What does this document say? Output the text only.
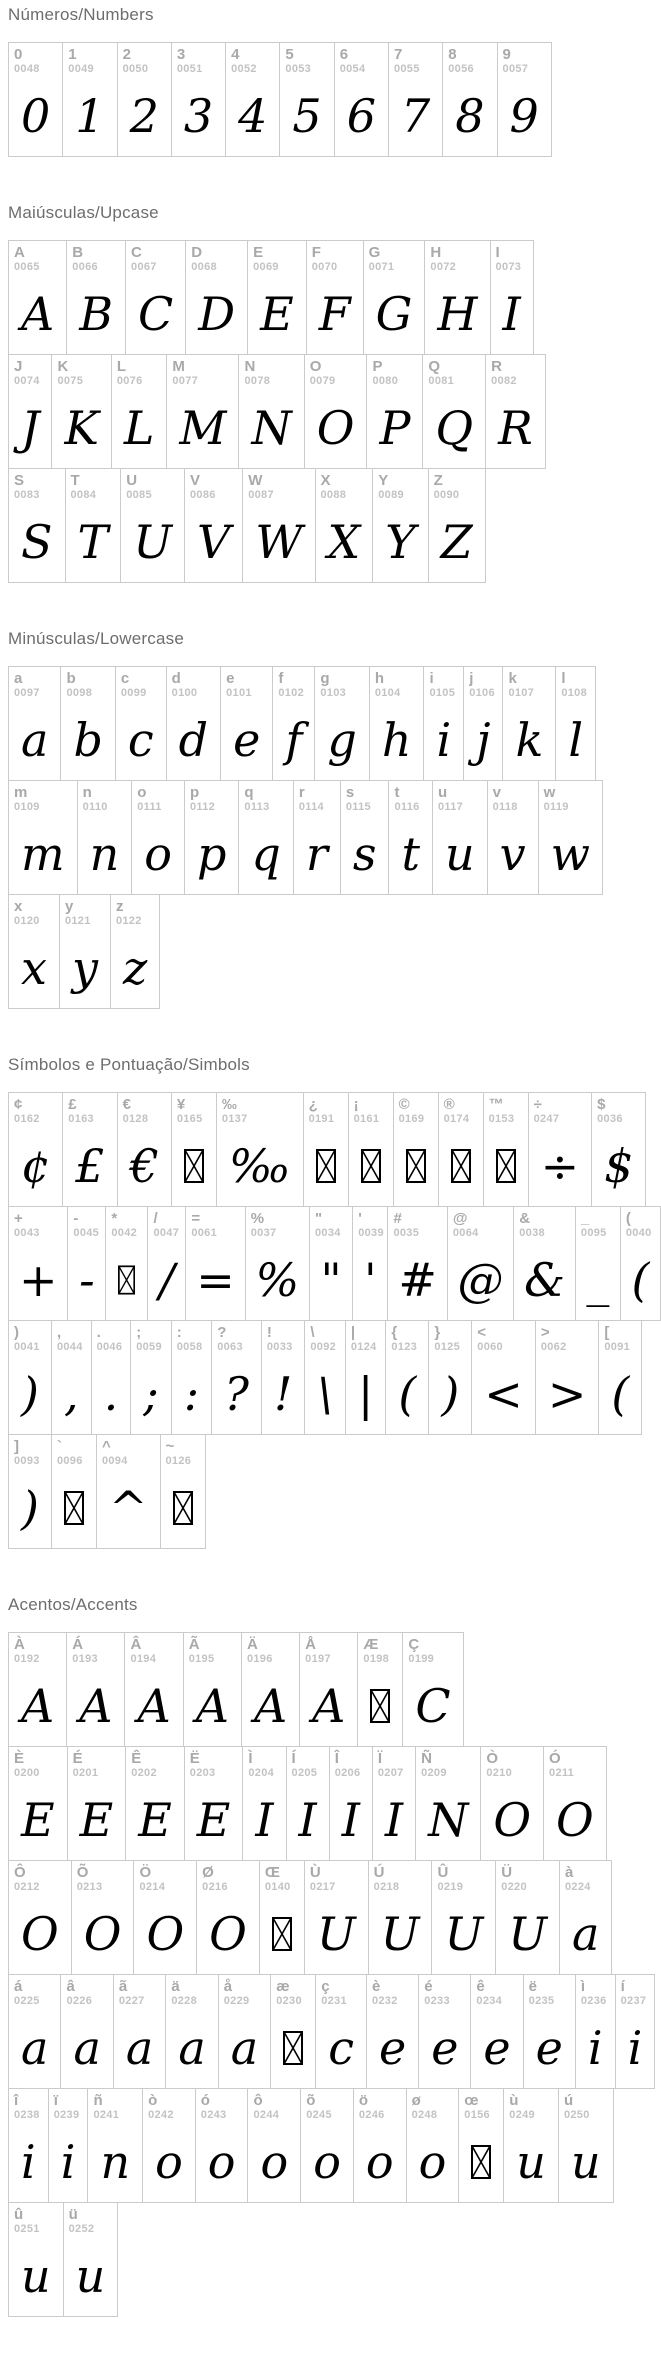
Números/Numbers
0
0048
0
1
0049
1
2
0050
2
3
0051
3
4
0052
4
5
0053
5
6
0054
6
7
0055
7
8
0056
8
9
0057
9
Maiúsculas/Upcase
A
0065
A
B
0066
B
C
0067
C
D
0068
D
E
0069
E
F
0070
F
G
0071
G
H
0072
H
I
0073
I
J
0074
J
K
0075
K
L
0076
L
M
0077
M
N
0078
N
O
0079
O
P
0080
P
Q
0081
Q
R
0082
R
S
0083
S
T
0084
T
U
0085
U
V
0086
V
W
0087
W
X
0088
X
Y
0089
Y
Z
0090
Z
Minúsculas/Lowercase
a
0097
a
b
0098
b
c
0099
c
d
0100
d
e
0101
e
f
0102
f
g
0103
g
h
0104
h
i
0105
i
j
0106
j
k
0107
k
l
0108
l
m
0109
m
n
0110
n
o
0111
o
p
0112
p
q
0113
q
r
0114
r
s
0115
s
t
0116
t
u
0117
u
v
0118
v
w
0119
w
x
0120
x
y
0121
y
z
0122
z
Símbolos e Pontuação/Simbols
¢
0162
¢
£
0163
£
€
0128
€
¥
0165
‰
0137
‰
¿
0191
¡
0161
©
0169
®
0174
™
0153
÷
0247
÷
$
0036
$
+
0043
+
-
0045
-
*
0042
/
0047
/
=
0061
=
%
0037
%
"
0034
"
'
0039
'
#
0035
#
@
0064
@
&
0038
&
_
0095
_
(
0040
(
)
0041
)
,
0044
,
.
0046
.
;
0059
;
:
0058
:
?
0063
?
!
0033
!
\
0092
\
|
0124
|
{
0123
(
}
0125
)
<
0060
<
>
0062
>
[
0091
(
]
0093
)
`
0096
^
0094
^
~
0126
Acentos/Accents
À
0192
A
Á
0193
A
Â
0194
A
Ã
0195
A
Ä
0196
A
Å
0197
A
Æ
0198
Ç
0199
C
È
0200
E
É
0201
E
Ê
0202
E
Ë
0203
E
Ì
0204
I
Í
0205
I
Î
0206
I
Ï
0207
I
Ñ
0209
N
Ò
0210
O
Ó
0211
O
Ô
0212
O
Õ
0213
O
Ö
0214
O
Ø
0216
O
Œ
0140
Ù
0217
U
Ú
0218
U
Û
0219
U
Ü
0220
U
à
0224
a
á
0225
a
â
0226
a
ã
0227
a
ä
0228
a
å
0229
a
æ
0230
ç
0231
c
è
0232
e
é
0233
e
ê
0234
e
ë
0235
e
ì
0236
i
í
0237
i
î
0238
i
ï
0239
i
ñ
0241
n
ò
0242
o
ó
0243
o
ô
0244
o
õ
0245
o
ö
0246
o
ø
0248
o
œ
0156
ù
0249
u
ú
0250
u
û
0251
u
ü
0252
u
